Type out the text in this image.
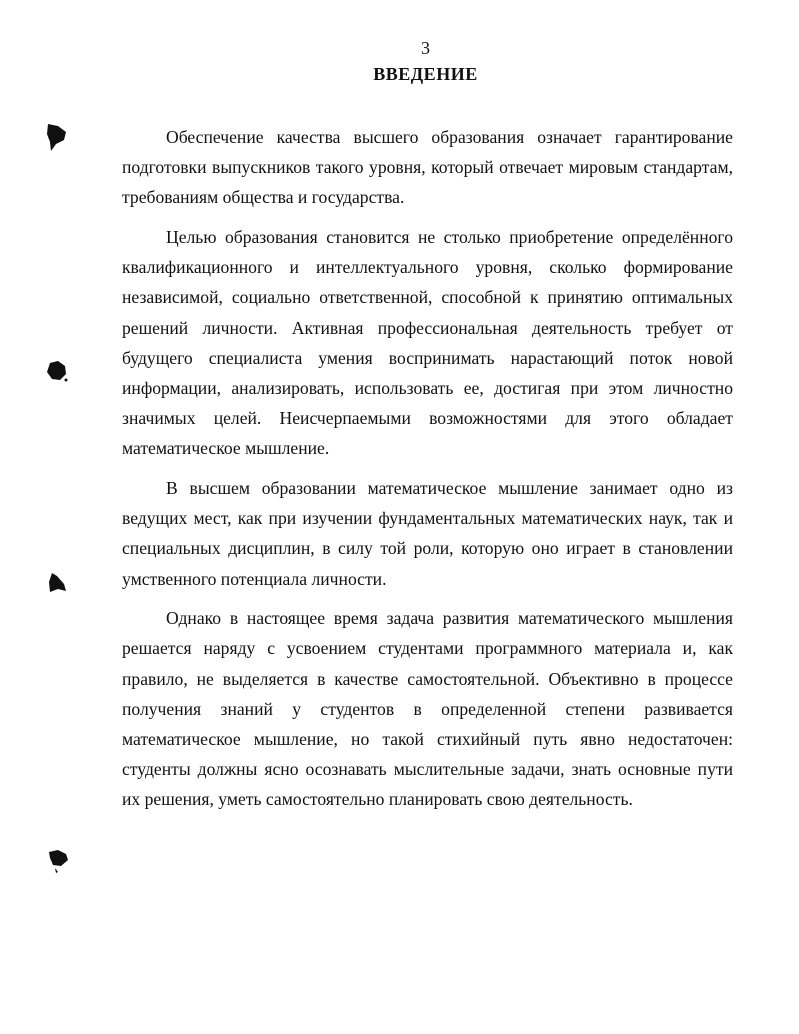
3
ВВЕДЕНИЕ

Обеспечение качества высшего образования означает гарантирование подготовки выпускников такого уровня, который отвечает мировым стандартам, требованиям общества и государства.

Целью образования становится не столько приобретение определённого квалификационного и интеллектуального уровня, сколько формирование независимой, социально ответственной, способной к принятию оптимальных решений личности. Активная профессиональная деятельность требует от будущего специалиста умения воспринимать нарастающий поток новой информации, анализировать, использовать ее, достигая при этом личностно значимых целей. Неисчерпаемыми возможностями для этого обладает математическое мышление.

В высшем образовании математическое мышление занимает одно из ведущих мест, как при изучении фундаментальных математических наук, так и специальных дисциплин, в силу той роли, которую оно играет в становлении умственного потенциала личности.

Однако в настоящее время задача развития математического мышления решается наряду с усвоением студентами программного материала и, как правило, не выделяется в качестве самостоятельной. Объективно в процессе получения знаний у студентов в определенной степени развивается математическое мышление, но такой стихийный путь явно недостаточен: студенты должны ясно осознавать мыслительные задачи, знать основные пути их решения, уметь самостоятельно планировать свою деятельность.
